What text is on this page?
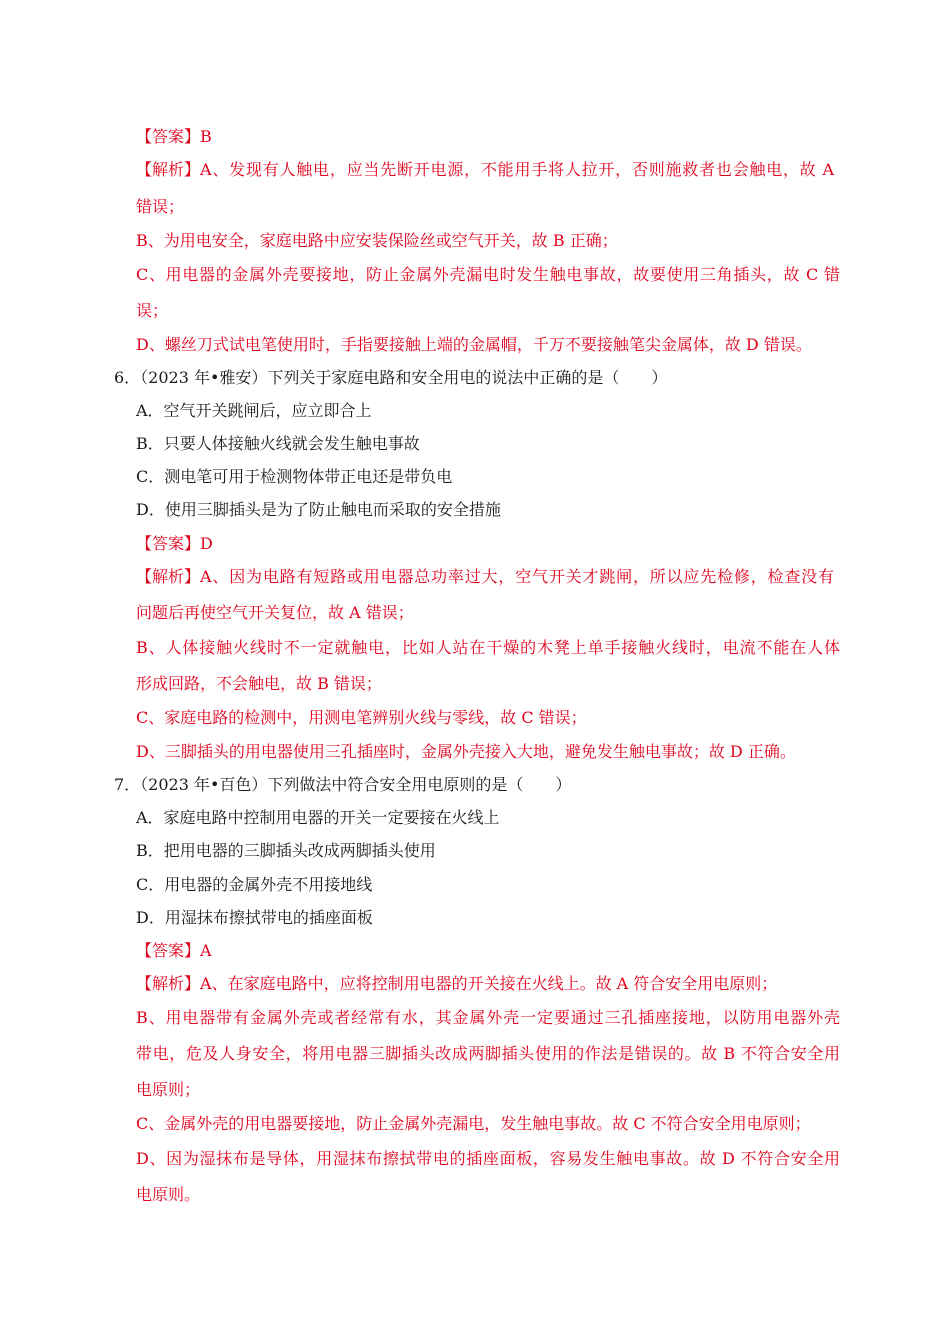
【答案】B
【解析】A、发现有人触电，应当先断开电源，不能用手将人拉开，否则施救者也会触电，故 A
错误；
B、为用电安全，家庭电路中应安装保险丝或空气开关，故 B 正确；
C、用电器的金属外壳要接地，防止金属外壳漏电时发生触电事故，故要使用三角插头，故 C 错
误；
D、螺丝刀式试电笔使用时，手指要接触上端的金属帽，千万不要接触笔尖金属体，故 D 错误。
6．（2023 年•雅安）下列关于家庭电路和安全用电的说法中正确的是（　　）
A．空气开关跳闸后，应立即合上
B．只要人体接触火线就会发生触电事故
C．测电笔可用于检测物体带正电还是带负电
D．使用三脚插头是为了防止触电而采取的安全措施
【答案】D
【解析】A、因为电路有短路或用电器总功率过大，空气开关才跳闸，所以应先检修，检查没有
问题后再使空气开关复位，故 A 错误；
B、人体接触火线时不一定就触电，比如人站在干燥的木凳上单手接触火线时，电流不能在人体
形成回路，不会触电，故 B 错误；
C、家庭电路的检测中，用测电笔辨别火线与零线，故 C 错误；
D、三脚插头的用电器使用三孔插座时，金属外壳接入大地，避免发生触电事故；故 D 正确。
7．（2023 年•百色）下列做法中符合安全用电原则的是（　　）
A．家庭电路中控制用电器的开关一定要接在火线上
B．把用电器的三脚插头改成两脚插头使用
C．用电器的金属外壳不用接地线
D．用湿抹布擦拭带电的插座面板
【答案】A
【解析】A、在家庭电路中，应将控制用电器的开关接在火线上。故 A 符合安全用电原则；
B、用电器带有金属外壳或者经常有水，其金属外壳一定要通过三孔插座接地，以防用电器外壳
带电，危及人身安全，将用电器三脚插头改成两脚插头使用的作法是错误的。故 B 不符合安全用
电原则；
C、金属外壳的用电器要接地，防止金属外壳漏电，发生触电事故。故 C 不符合安全用电原则；
D、因为湿抹布是导体，用湿抹布擦拭带电的插座面板，容易发生触电事故。故 D 不符合安全用
电原则。
